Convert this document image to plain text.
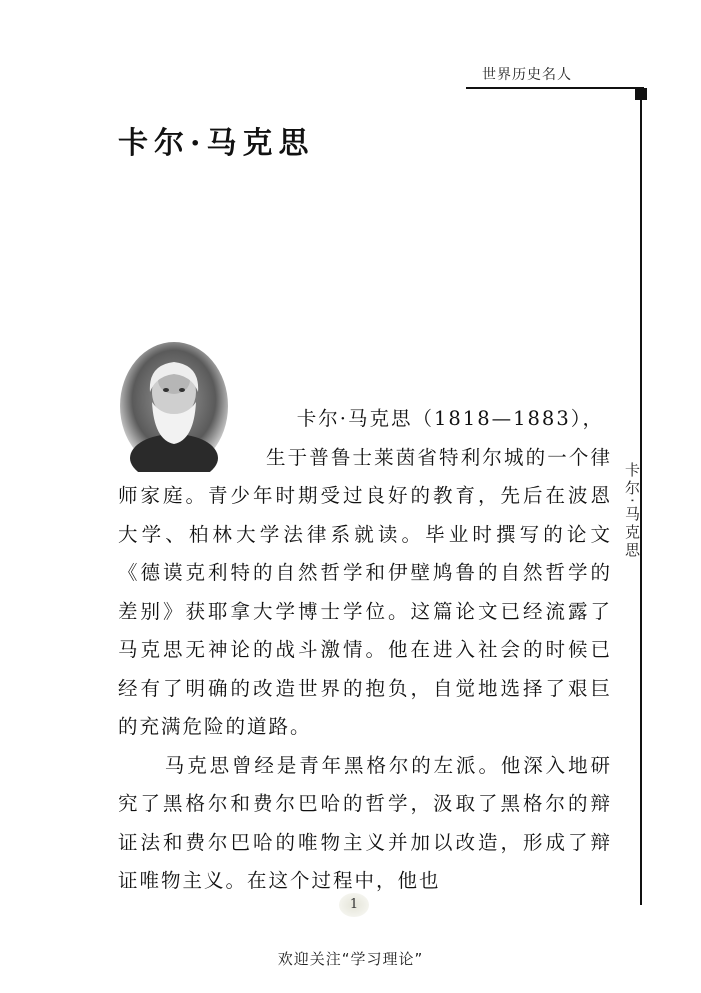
世界历史名人
卡尔·马克思
卡尔·马克思
卡尔·马克思（1818—1883），

生于普鲁士莱茵省特利尔城的一个律师家庭。青少年时期受过良好的教育，先后在波恩大学、柏林大学法律系就读。毕业时撰写的论文《德谟克利特的自然哲学和伊壁鸠鲁的自然哲学的差别》获耶拿大学博士学位。这篇论文已经流露了马克思无神论的战斗激情。他在进入社会的时候已经有了明确的改造世界的抱负，自觉地选择了艰巨的充满危险的道路。

马克思曾经是青年黑格尔的左派。他深入地研究了黑格尔和费尔巴哈的哲学，汲取了黑格尔的辩证法和费尔巴哈的唯物主义并加以改造，形成了辩证唯物主义。在这个过程中，他也

1
欢迎关注“学习理论”
